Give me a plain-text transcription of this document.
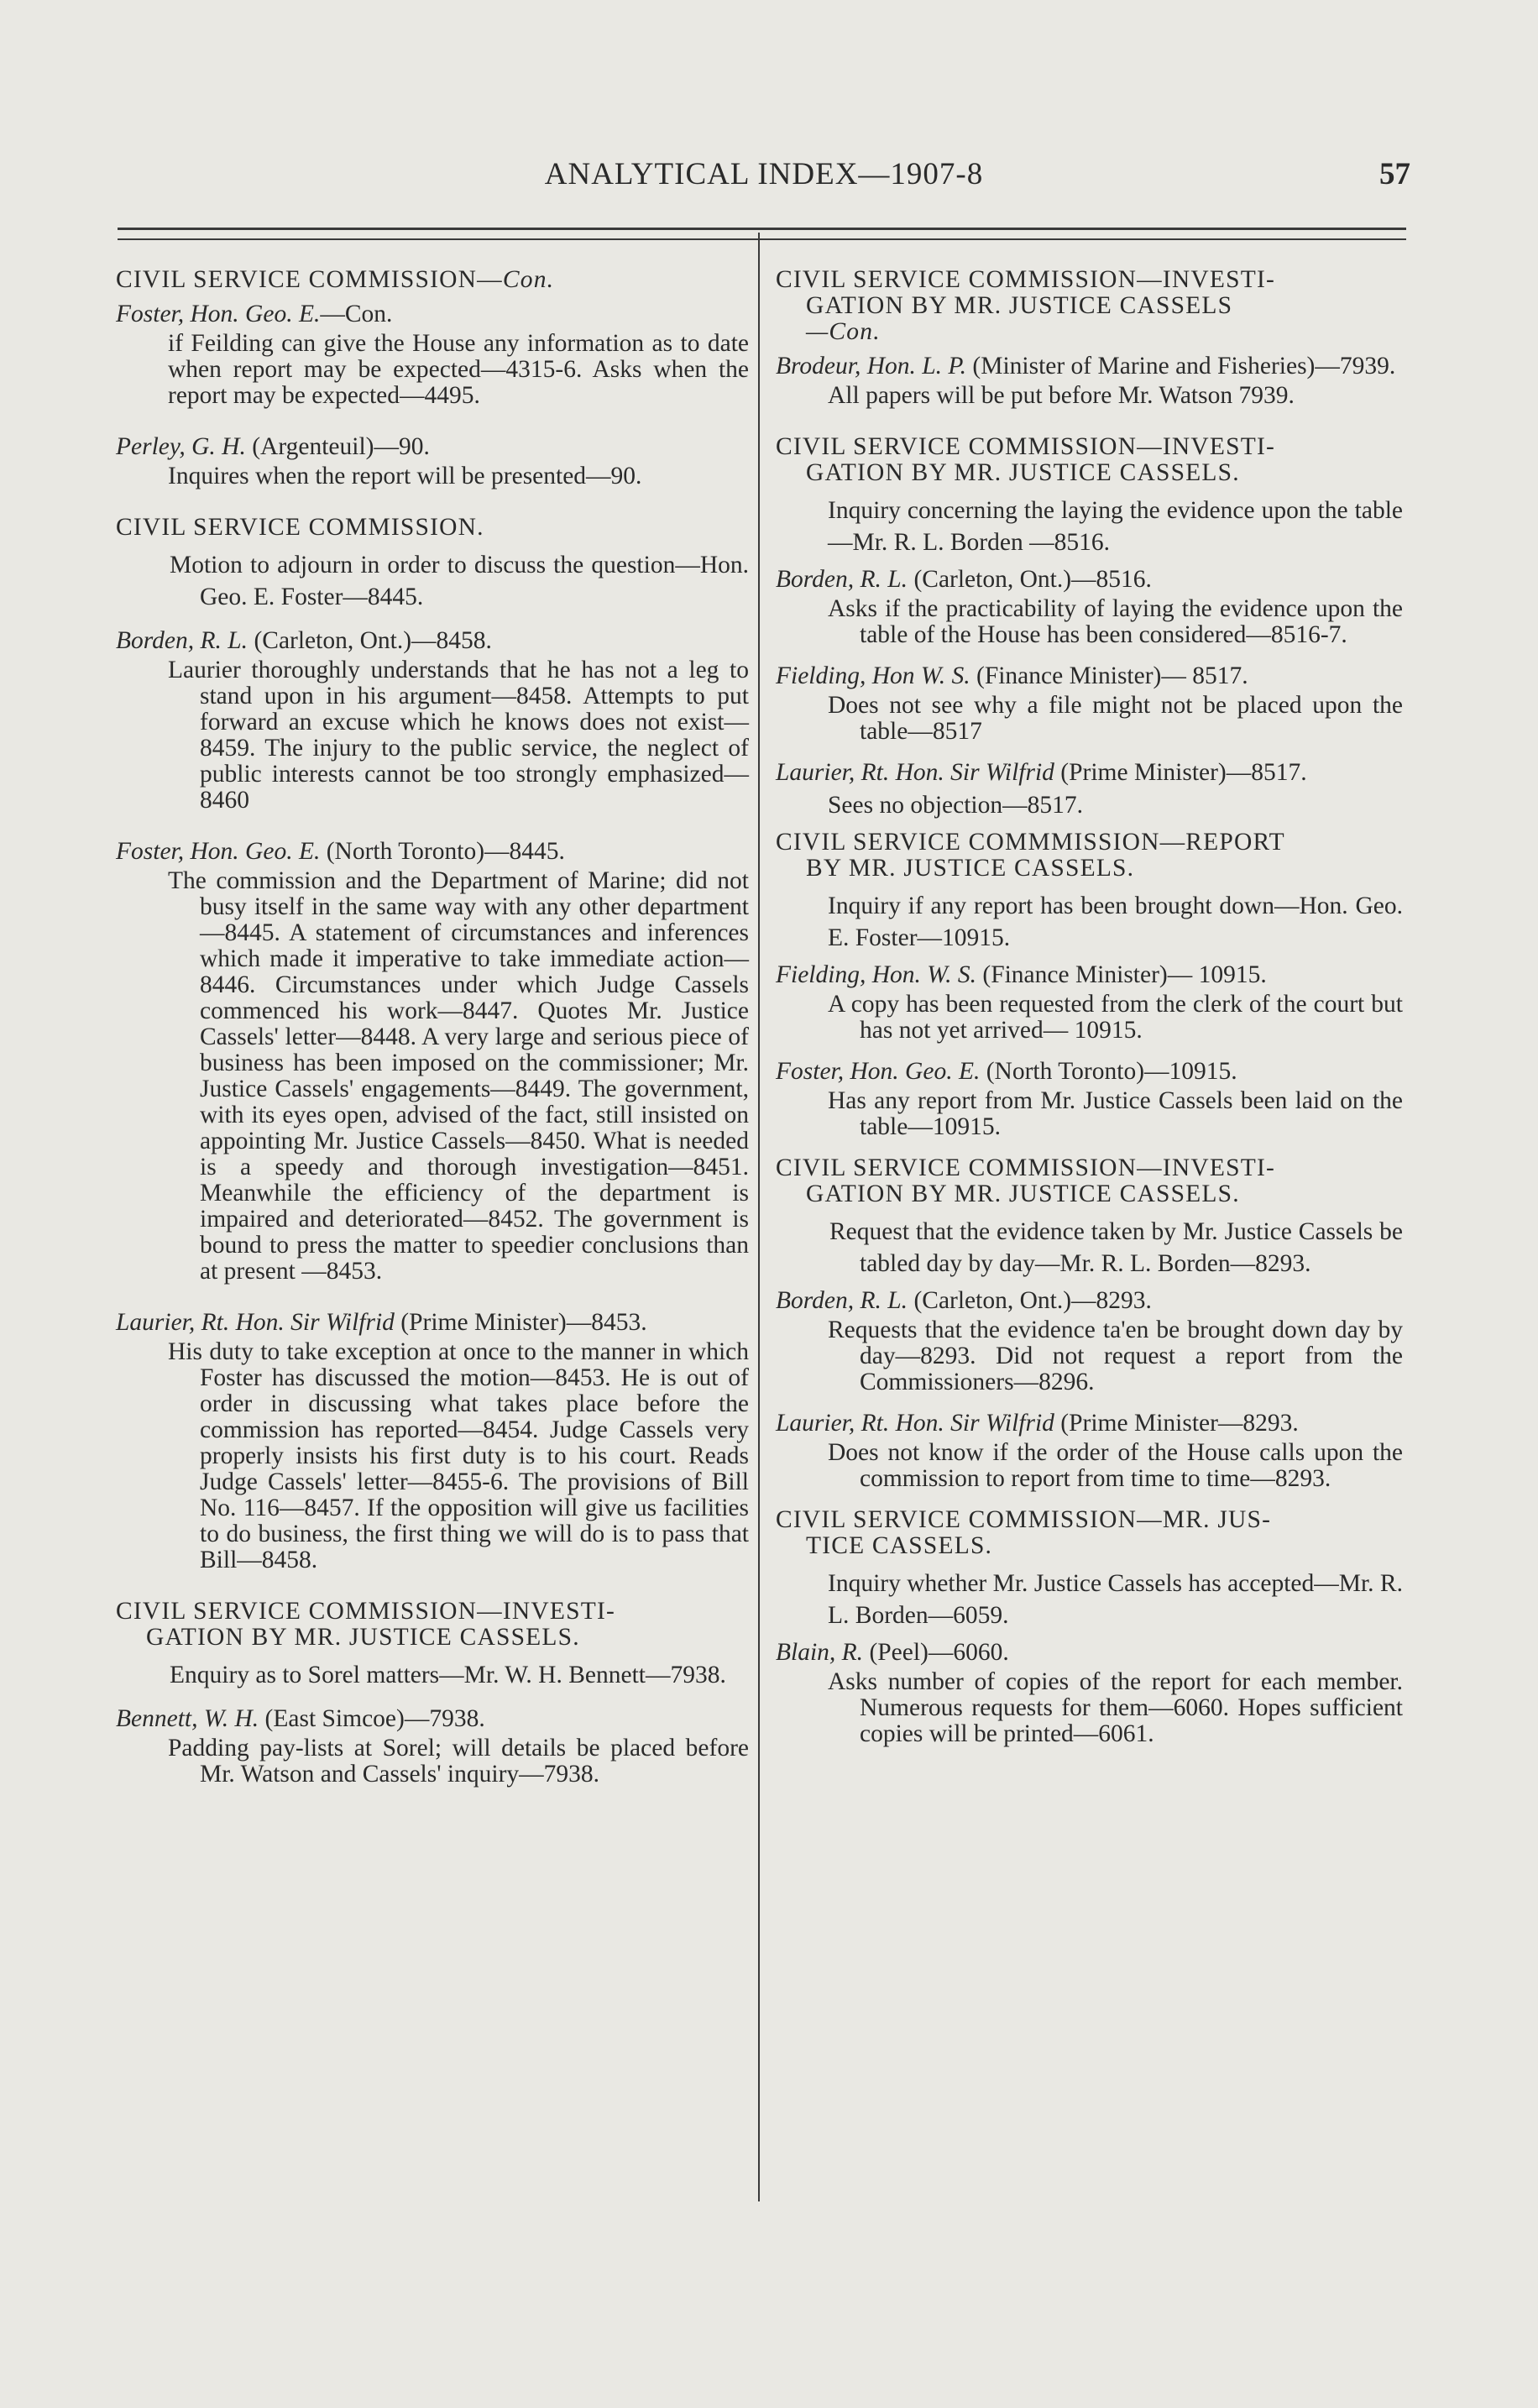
ANALYTICAL INDEX—1907-8	57
CIVIL SERVICE COMMISSION—Con.
Foster, Hon. Geo. E.—Con.

if Feilding can give the House any information as to date when report may be expected—4315-6. Asks when the report may be expected—4495.

Perley, G. H. (Argenteuil)—90.

Inquires when the report will be presented—90.

CIVIL SERVICE COMMISSION.

Motion to adjourn in order to discuss the question—Hon. Geo. E. Foster—8445.

Borden, R. L. (Carleton, Ont.)—8458.

Laurier thoroughly understands that he has not a leg to stand upon in his argument—8458. Attempts to put forward an excuse which he knows does not exist—8459. The injury to the public service, the neglect of public interests cannot be too strongly emphasized—8460

Foster, Hon. Geo. E. (North Toronto)—8445.

The commission and the Department of Marine; did not busy itself in the same way with any other department—8445. A statement of circumstances and inferences which made it imperative to take immediate action—8446. Circumstances under which Judge Cassels commenced his work—8447. Quotes Mr. Justice Cassels' letter—8448. A very large and serious piece of business has been imposed on the commissioner; Mr. Justice Cassels' engagements—8449. The government, with its eyes open, advised of the fact, still insisted on appointing Mr. Justice Cassels—8450. What is needed is a speedy and thorough investigation—8451. Meanwhile the efficiency of the department is impaired and deteriorated—8452. The government is bound to press the matter to speedier conclusions than at present —8453.

Laurier, Rt. Hon. Sir Wilfrid (Prime Minister)—8453.

His duty to take exception at once to the manner in which Foster has discussed the motion—8453. He is out of order in discussing what takes place before the commission has reported—8454. Judge Cassels very properly insists his first duty is to his court. Reads Judge Cassels' letter—8455-6. The provisions of Bill No. 116—8457. If the opposition will give us facilities to do business, the first thing we will do is to pass that Bill—8458.

CIVIL SERVICE COMMISSION—INVESTI-
GATION BY MR. JUSTICE CASSELS.

Enquiry as to Sorel matters—Mr. W. H. Bennett—7938.

Bennett, W. H. (East Simcoe)—7938.

Padding pay-lists at Sorel; will details be placed before Mr. Watson and Cassels' inquiry—7938.

CIVIL SERVICE COMMISSION—INVESTI-
GATION BY MR. JUSTICE CASSELS
—Con.
Brodeur, Hon. L. P. (Minister of Marine and Fisheries)—7939.

All papers will be put before Mr. Watson 7939.

CIVIL SERVICE COMMISSION—INVESTI-
GATION BY MR. JUSTICE CASSELS.

Inquiry concerning the laying the evidence upon the table—Mr. R. L. Borden —8516.

Borden, R. L. (Carleton, Ont.)—8516.

Asks if the practicability of laying the evidence upon the table of the House has been considered—8516-7.

Fielding, Hon W. S. (Finance Minister)— 8517.

Does not see why a file might not be placed upon the table—8517

Laurier, Rt. Hon. Sir Wilfrid (Prime Minister)—8517.

Sees no objection—8517.

CIVIL SERVICE COMMMISSION—REPORT
BY MR. JUSTICE CASSELS.

Inquiry if any report has been brought down—Hon. Geo. E. Foster—10915.

Fielding, Hon. W. S. (Finance Minister)— 10915.

A copy has been requested from the clerk of the court but has not yet arrived— 10915.

Foster, Hon. Geo. E. (North Toronto)—10915.

Has any report from Mr. Justice Cassels been laid on the table—10915.

CIVIL SERVICE COMMISSION—INVESTI-
GATION BY MR. JUSTICE CASSELS.

Request that the evidence taken by Mr. Justice Cassels be tabled day by day—Mr. R. L. Borden—8293.

Borden, R. L. (Carleton, Ont.)—8293.

Requests that the evidence ta'en be brought down day by day—8293. Did not request a report from the Commissioners—8296.

Laurier, Rt. Hon. Sir Wilfrid (Prime Minister—8293.

Does not know if the order of the House calls upon the commission to report from time to time—8293.

CIVIL SERVICE COMMISSION—MR. JUS-
TICE CASSELS.

Inquiry whether Mr. Justice Cassels has accepted—Mr. R. L. Borden—6059.

Blain, R. (Peel)—6060.

Asks number of copies of the report for each member. Numerous requests for them—6060. Hopes sufficient copies will be printed—6061.
